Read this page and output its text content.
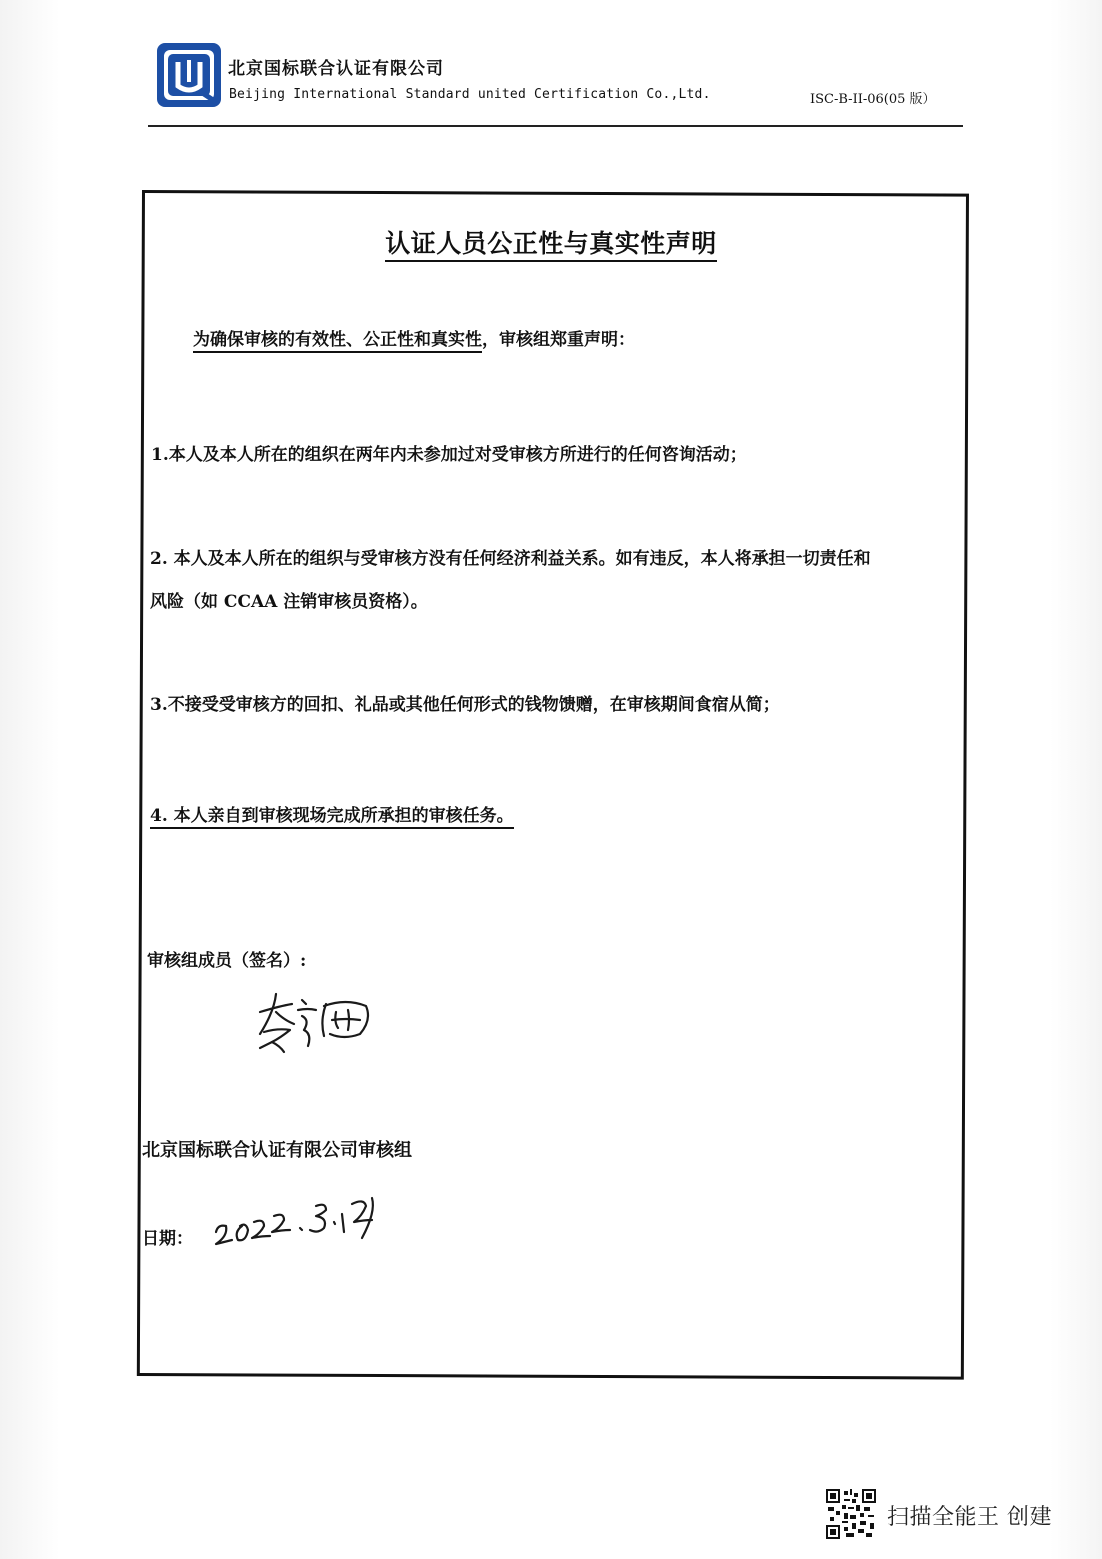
北京国标联合认证有限公司
Beijing International Standard united Certification Co.,Ltd.	ISC-B-II-06(05 版）
认证人员公正性与真实性声明
为确保审核的有效性、公正性和真实性，审核组郑重声明：
1.本人及本人所在的组织在两年内未参加过对受审核方所进行的任何咨询活动；
2. 本人及本人所在的组织与受审核方没有任何经济利益关系。如有违反，本人将承担一切责任和
风险（如 CCAA 注销审核员资格）。
3.不接受受审核方的回扣、礼品或其他任何形式的钱物馈赠，在审核期间食宿从简；
4. 本人亲自到审核现场完成所承担的审核任务。
审核组成员（签名）:
北京国标联合认证有限公司审核组
日期：
扫描全能王 创建
